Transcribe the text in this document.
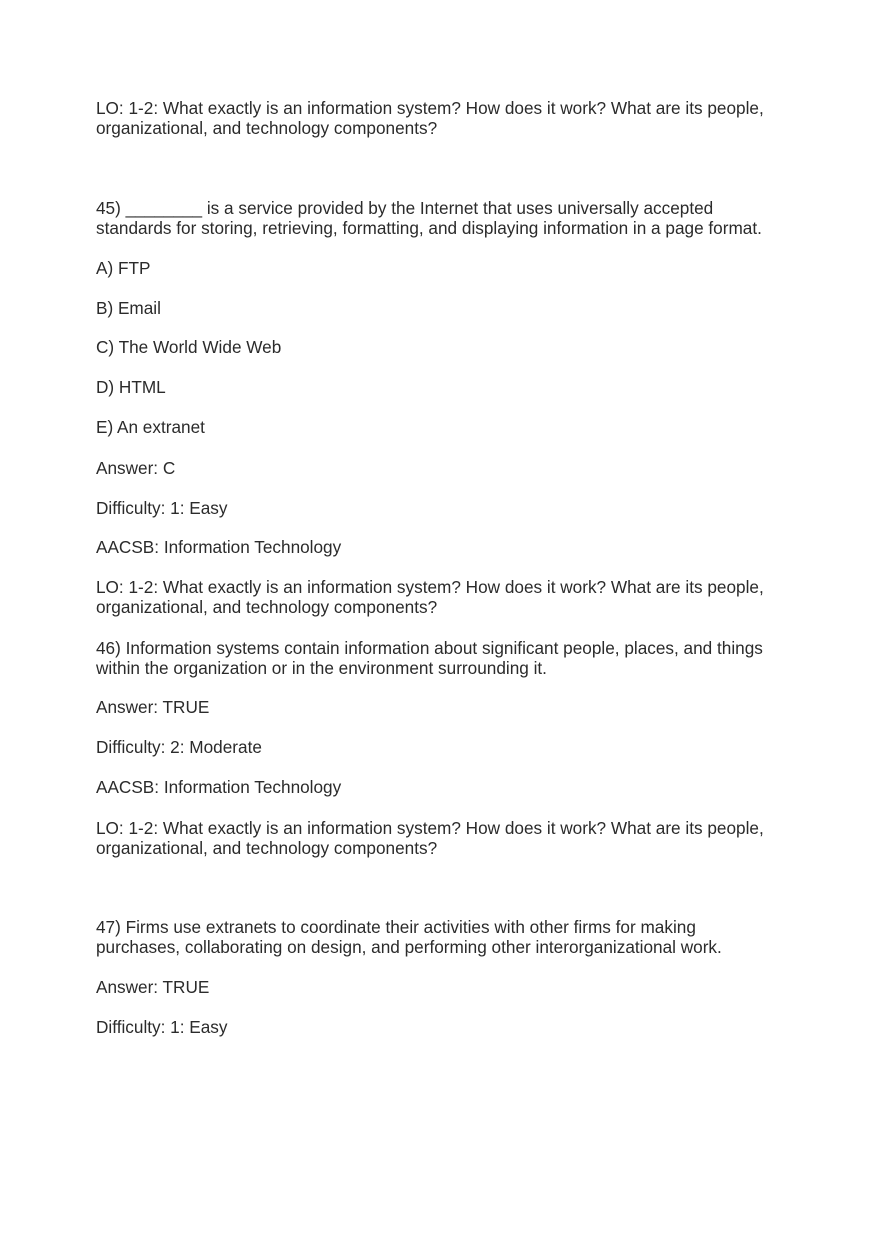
LO: 1-2: What exactly is an information system? How does it work? What are its people,
organizational, and technology components?
45) ________ is a service provided by the Internet that uses universally accepted
standards for storing, retrieving, formatting, and displaying information in a page format.
A) FTP
B) Email
C) The World Wide Web
D) HTML
E) An extranet
Answer: C
Difficulty: 1: Easy
AACSB: Information Technology
LO: 1-2: What exactly is an information system? How does it work? What are its people,
organizational, and technology components?
46) Information systems contain information about significant people, places, and things
within the organization or in the environment surrounding it.
Answer: TRUE
Difficulty: 2: Moderate
AACSB: Information Technology
LO: 1-2: What exactly is an information system? How does it work? What are its people,
organizational, and technology components?
47) Firms use extranets to coordinate their activities with other firms for making
purchases, collaborating on design, and performing other interorganizational work.
Answer: TRUE
Difficulty: 1: Easy
